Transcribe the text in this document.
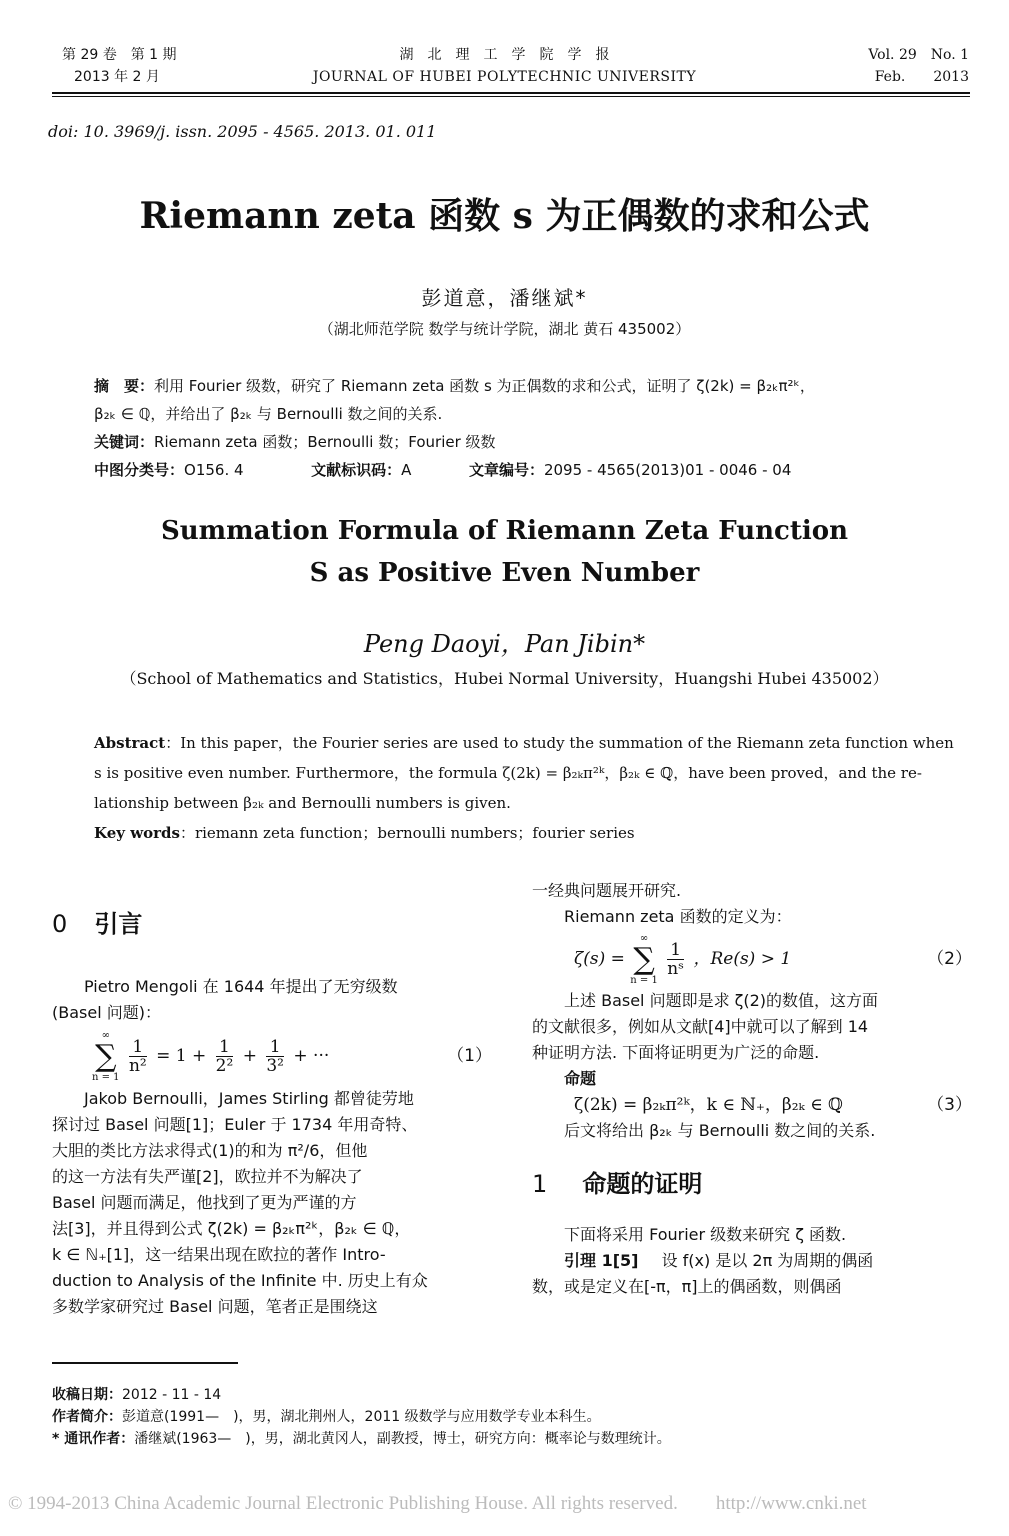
第 29 卷　第 1 期
2013 年 2 月
湖　北　理　工　学　院　学　报
JOURNAL OF HUBEI POLYTECHNIC UNIVERSITY
Vol. 29　No. 1
Feb.　　2013
doi: 10. 3969/j. issn. 2095 - 4565. 2013. 01. 011
Riemann zeta 函数 s 为正偶数的求和公式
彭道意，潘继斌*
（湖北师范学院 数学与统计学院，湖北 黄石 435002）
摘　要：利用 Fourier 级数，研究了 Riemann zeta 函数 s 为正偶数的求和公式，证明了 ζ(2k) = β₂ₖπ²ᵏ，
β₂ₖ ∈ ℚ，并给出了 β₂ₖ 与 Bernoulli 数之间的关系.
关键词：Riemann zeta 函数；Bernoulli 数；Fourier 级数
中图分类号：O156. 4	文献标识码：A	文章编号：2095 - 4565(2013)01 - 0046 - 04
Summation Formula of Riemann Zeta Function
S as Positive Even Number
Peng Daoyi，Pan Jibin*
（School of Mathematics and Statistics，Hubei Normal University，Huangshi Hubei 435002）
Abstract：In this paper，the Fourier series are used to study the summation of the Riemann zeta function when
s is positive even number. Furthermore，the formula ζ(2k) = β₂ₖπ²ᵏ，β₂ₖ ∈ ℚ，have been proved，and the re-
lationship between β₂ₖ and Bernoulli numbers is given.
Key words：riemann zeta function；bernoulli numbers；fourier series
0 引言
Pietro Mengoli 在 1644 年提出了无穷级数
(Basel 问题)：
∞
∑
n = 1

$\frac{1}{\text{n²}} = 1 + \frac{1}{\text{2²}} + \frac{1}{\text{3²}}$ + ···	（1）
Jakob Bernoulli，James Stirling 都曾徒劳地
探讨过 Basel 问题[1]；Euler 于 1734 年用奇特、
大胆的类比方法求得式(1)的和为 π²/6，但他
的这一方法有失严谨[2]，欧拉并不为解决了
Basel 问题而满足，他找到了更为严谨的方
法[3]，并且得到公式 ζ(2k) = β₂ₖπ²ᵏ，β₂ₖ ∈ ℚ，
k ∈ ℕ₊[1]，这一结果出现在欧拉的著作 Intro-
duction to Analysis of the Infinite 中. 历史上有众
多数学家研究过 Basel 问题，笔者正是围绕这
一经典问题展开研究.
Riemann zeta 函数的定义为：
ζ(s) =
∞
∑
n = 1

$\frac{1}{\text{nˢ}}$ ，Re(s) > 1	（2）
上述 Basel 问题即是求 ζ(2)的数值，这方面
的文献很多，例如从文献[4]中就可以了解到 14
种证明方法. 下面将证明更为广泛的命题.
命题
ζ(2k) = β₂ₖπ²ᵏ，k ∈ ℕ₊，β₂ₖ ∈ ℚ	（3）
后文将给出 β₂ₖ 与 Bernoulli 数之间的关系.
1 命题的证明
下面将采用 Fourier 级数来研究 ζ 函数.
引理 1[5] 设 f(x) 是以 2π 为周期的偶函
数，或是定义在[-π，π]上的偶函数，则偶函
收稿日期：2012 - 11 - 14
作者简介：彭道意(1991—　)，男，湖北荆州人，2011 级数学与应用数学专业本科生。
* 通讯作者：潘继斌(1963—　)，男，湖北黄冈人，副教授，博士，研究方向：概率论与数理统计。
© 1994-2013 China Academic Journal Electronic Publishing House. All rights reserved.　　http://www.cnki.net
